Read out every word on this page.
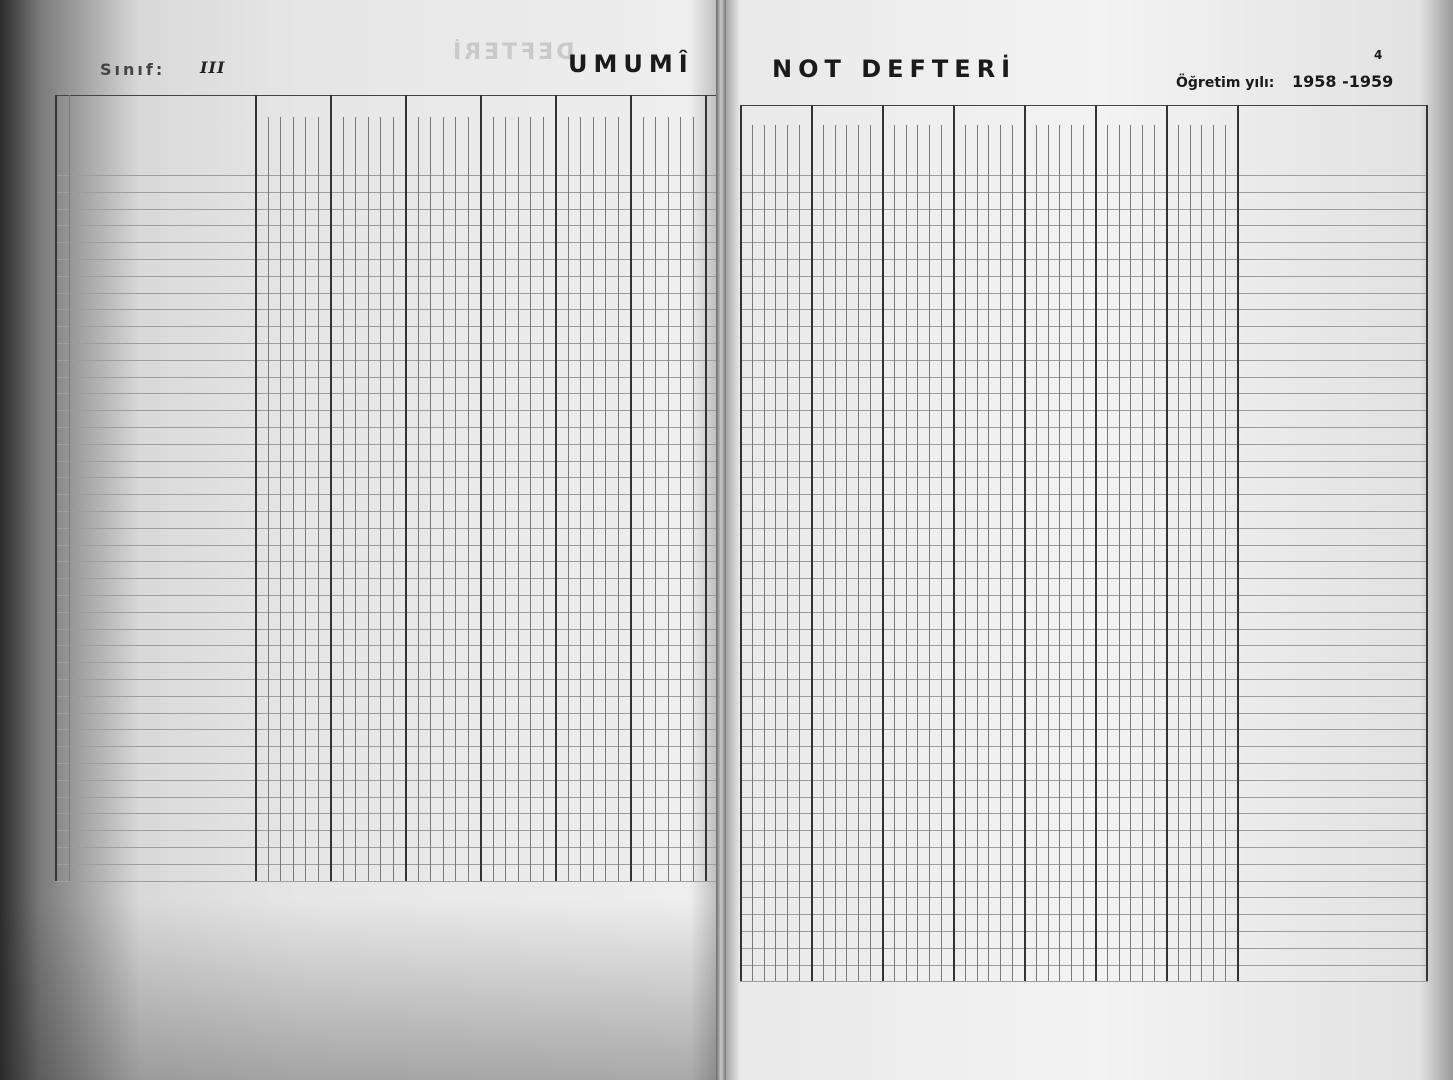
Sınıf: III
DEFTERİ
UMUMÎ	4
NOT DEFTERİ	Öğretim yılı: 1958 -1959
